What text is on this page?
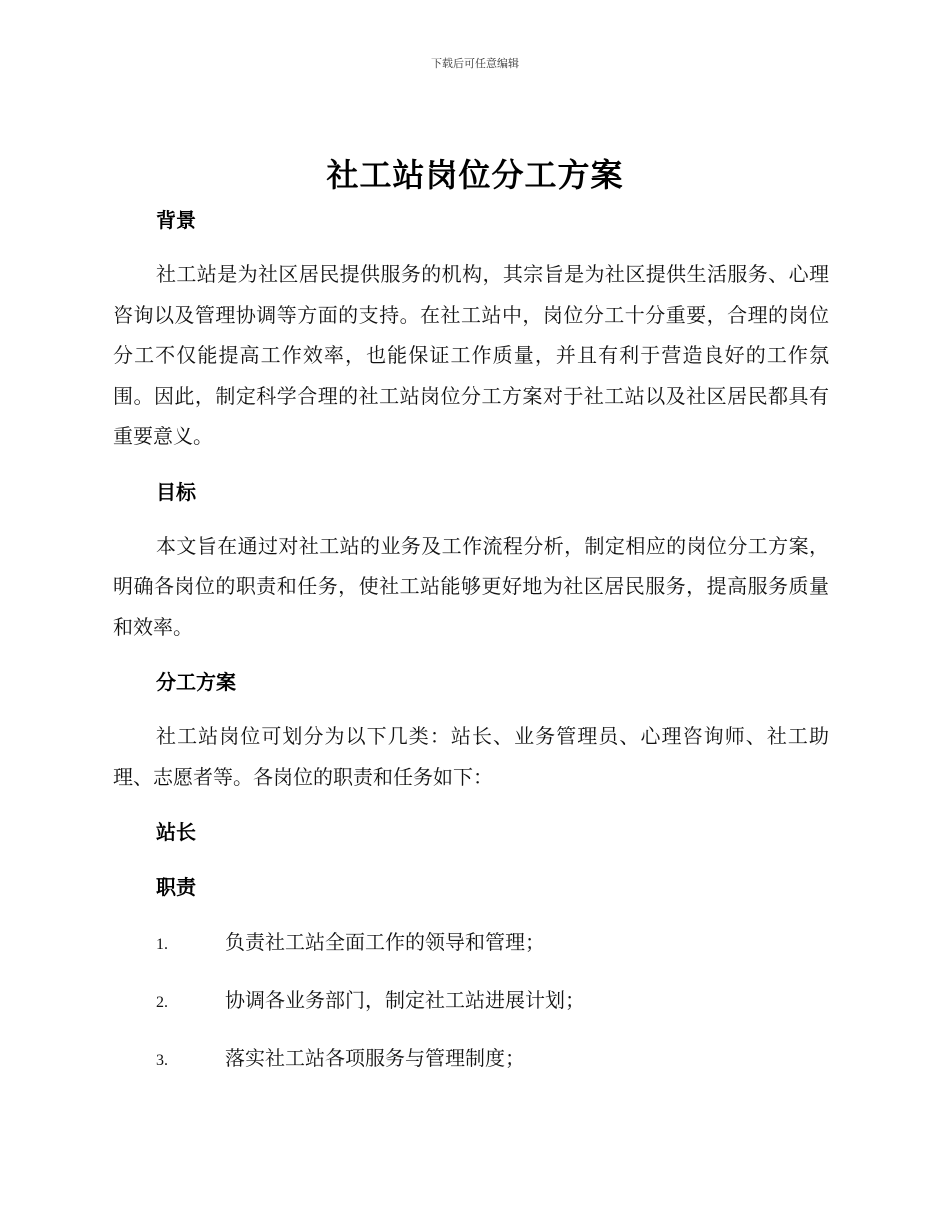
下载后可任意编辑
社工站岗位分工方案
背景

社工站是为社区居民提供服务的机构，其宗旨是为社区提供生活服务、心理咨询以及管理协调等方面的支持。在社工站中，岗位分工十分重要，合理的岗位分工不仅能提高工作效率，也能保证工作质量，并且有利于营造良好的工作氛围。因此，制定科学合理的社工站岗位分工方案对于社工站以及社区居民都具有重要意义。

目标

本文旨在通过对社工站的业务及工作流程分析，制定相应的岗位分工方案，明确各岗位的职责和任务，使社工站能够更好地为社区居民服务，提高服务质量和效率。

分工方案

社工站岗位可划分为以下几类：站长、业务管理员、心理咨询师、社工助理、志愿者等。各岗位的职责和任务如下：

站长
职责
1.	负责社工站全面工作的领导和管理；
2.	协调各业务部门，制定社工站进展计划；
3.	落实社工站各项服务与管理制度；
